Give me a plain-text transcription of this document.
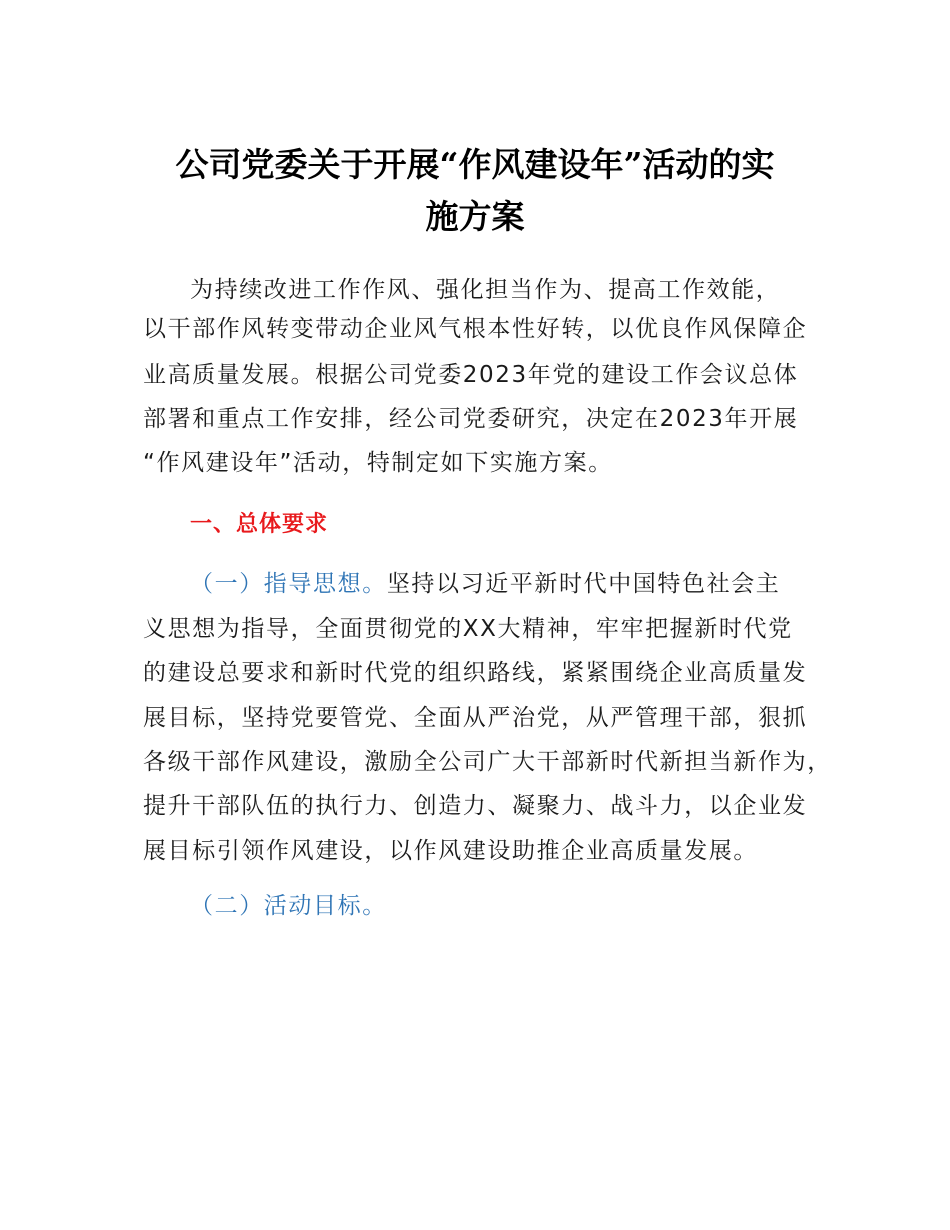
公司党委关于开展“作风建设年”活动的实
施方案
为持续改进工作作风、强化担当作为、提高工作效能，
以干部作风转变带动企业风气根本性好转，以优良作风保障企
业高质量发展。根据公司党委2023年党的建设工作会议总体
部署和重点工作安排，经公司党委研究，决定在2023年开展
“作风建设年”活动，特制定如下实施方案。
一、总体要求
（一）指导思想。坚持以习近平新时代中国特色社会主
义思想为指导，全面贯彻党的XX大精神，牢牢把握新时代党
的建设总要求和新时代党的组织路线，紧紧围绕企业高质量发
展目标，坚持党要管党、全面从严治党，从严管理干部，狠抓
各级干部作风建设，激励全公司广大干部新时代新担当新作为，
提升干部队伍的执行力、创造力、凝聚力、战斗力，以企业发
展目标引领作风建设，以作风建设助推企业高质量发展。
（二）活动目标。
